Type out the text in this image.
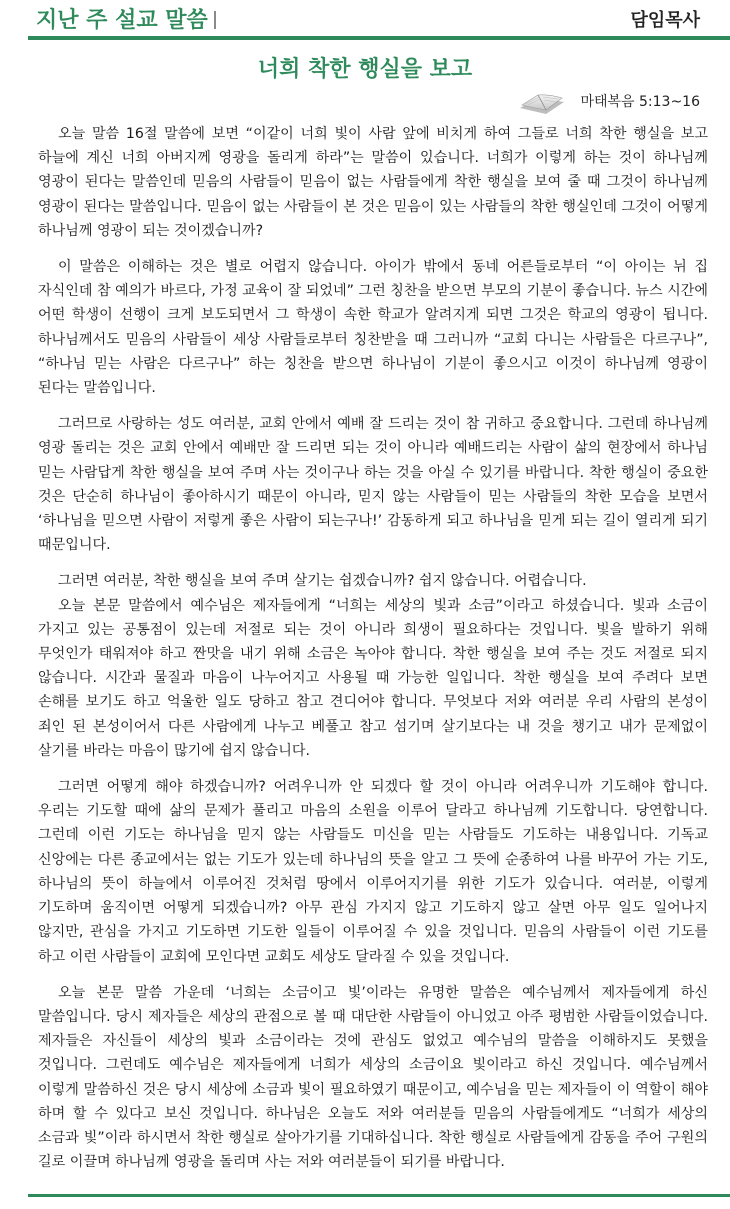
지난 주 설교 말씀	담임목사
너희 착한 행실을 보고
마태복음 5:13~16

오늘 말씀 16절 말씀에 보면 “이같이 너희 빛이 사람 앞에 비치게 하여 그들로 너희 착한 행실을 보고 하늘에 계신 너희 아버지께 영광을 돌리게 하라”는 말씀이 있습니다. 너희가 이렇게 하는 것이 하나님께 영광이 된다는 말씀인데 믿음의 사람들이 믿음이 없는 사람들에게 착한 행실을 보여 줄 때 그것이 하나님께 영광이 된다는 말씀입니다. 믿음이 없는 사람들이 본 것은 믿음이 있는 사람들의 착한 행실인데 그것이 어떻게 하나님께 영광이 되는 것이겠습니까?

이 말씀은 이해하는 것은 별로 어렵지 않습니다. 아이가 밖에서 동네 어른들로부터 “이 아이는 뉘 집 자식인데 참 예의가 바르다, 가정 교육이 잘 되었네” 그런 칭찬을 받으면 부모의 기분이 좋습니다. 뉴스 시간에 어떤 학생이 선행이 크게 보도되면서 그 학생이 속한 학교가 알려지게 되면 그것은 학교의 영광이 됩니다. 하나님께서도 믿음의 사람들이 세상 사람들로부터 칭찬받을 때 그러니까 “교회 다니는 사람들은 다르구나”, “하나님 믿는 사람은 다르구나” 하는 칭찬을 받으면 하나님이 기분이 좋으시고 이것이 하나님께 영광이 된다는 말씀입니다.

그러므로 사랑하는 성도 여러분, 교회 안에서 예배 잘 드리는 것이 참 귀하고 중요합니다. 그런데 하나님께 영광 돌리는 것은 교회 안에서 예배만 잘 드리면 되는 것이 아니라 예배드리는 사람이 삶의 현장에서 하나님 믿는 사람답게 착한 행실을 보여 주며 사는 것이구나 하는 것을 아실 수 있기를 바랍니다. 착한 행실이 중요한 것은 단순히 하나님이 좋아하시기 때문이 아니라, 믿지 않는 사람들이 믿는 사람들의 착한 모습을 보면서 ‘하나님을 믿으면 사람이 저렇게 좋은 사람이 되는구나!’ 감동하게 되고 하나님을 믿게 되는 길이 열리게 되기 때문입니다.

그러면 여러분, 착한 행실을 보여 주며 살기는 쉽겠습니까? 쉽지 않습니다. 어렵습니다.

오늘 본문 말씀에서 예수님은 제자들에게 “너희는 세상의 빛과 소금”이라고 하셨습니다. 빛과 소금이 가지고 있는 공통점이 있는데 저절로 되는 것이 아니라 희생이 필요하다는 것입니다. 빛을 발하기 위해 무엇인가 태워져야 하고 짠맛을 내기 위해 소금은 녹아야 합니다. 착한 행실을 보여 주는 것도 저절로 되지 않습니다. 시간과 물질과 마음이 나누어지고 사용될 때 가능한 일입니다. 착한 행실을 보여 주려다 보면 손해를 보기도 하고 억울한 일도 당하고 참고 견디어야 합니다. 무엇보다 저와 여러분 우리 사람의 본성이 죄인 된 본성이어서 다른 사람에게 나누고 베풀고 참고 섬기며 살기보다는 내 것을 챙기고 내가 문제없이 살기를 바라는 마음이 많기에 쉽지 않습니다.

그러면 어떻게 해야 하겠습니까? 어려우니까 안 되겠다 할 것이 아니라 어려우니까 기도해야 합니다. 우리는 기도할 때에 삶의 문제가 풀리고 마음의 소원을 이루어 달라고 하나님께 기도합니다. 당연합니다. 그런데 이런 기도는 하나님을 믿지 않는 사람들도 미신을 믿는 사람들도 기도하는 내용입니다. 기독교 신앙에는 다른 종교에서는 없는 기도가 있는데 하나님의 뜻을 알고 그 뜻에 순종하여 나를 바꾸어 가는 기도, 하나님의 뜻이 하늘에서 이루어진 것처럼 땅에서 이루어지기를 위한 기도가 있습니다. 여러분, 이렇게 기도하며 움직이면 어떻게 되겠습니까? 아무 관심 가지지 않고 기도하지 않고 살면 아무 일도 일어나지 않지만, 관심을 가지고 기도하면 기도한 일들이 이루어질 수 있을 것입니다. 믿음의 사람들이 이런 기도를 하고 이런 사람들이 교회에 모인다면 교회도 세상도 달라질 수 있을 것입니다.

오늘 본문 말씀 가운데 ‘너희는 소금이고 빛’이라는 유명한 말씀은 예수님께서 제자들에게 하신 말씀입니다. 당시 제자들은 세상의 관점으로 볼 때 대단한 사람들이 아니었고 아주 평범한 사람들이었습니다. 제자들은 자신들이 세상의 빛과 소금이라는 것에 관심도 없었고 예수님의 말씀을 이해하지도 못했을 것입니다. 그런데도 예수님은 제자들에게 너희가 세상의 소금이요 빛이라고 하신 것입니다. 예수님께서 이렇게 말씀하신 것은 당시 세상에 소금과 빛이 필요하였기 때문이고, 예수님을 믿는 제자들이 이 역할이 해야 하며 할 수 있다고 보신 것입니다. 하나님은 오늘도 저와 여러분들 믿음의 사람들에게도 “너희가 세상의 소금과 빛”이라 하시면서 착한 행실로 살아가기를 기대하십니다. 착한 행실로 사람들에게 감동을 주어 구원의 길로 이끌며 하나님께 영광을 돌리며 사는 저와 여러분들이 되기를 바랍니다.
